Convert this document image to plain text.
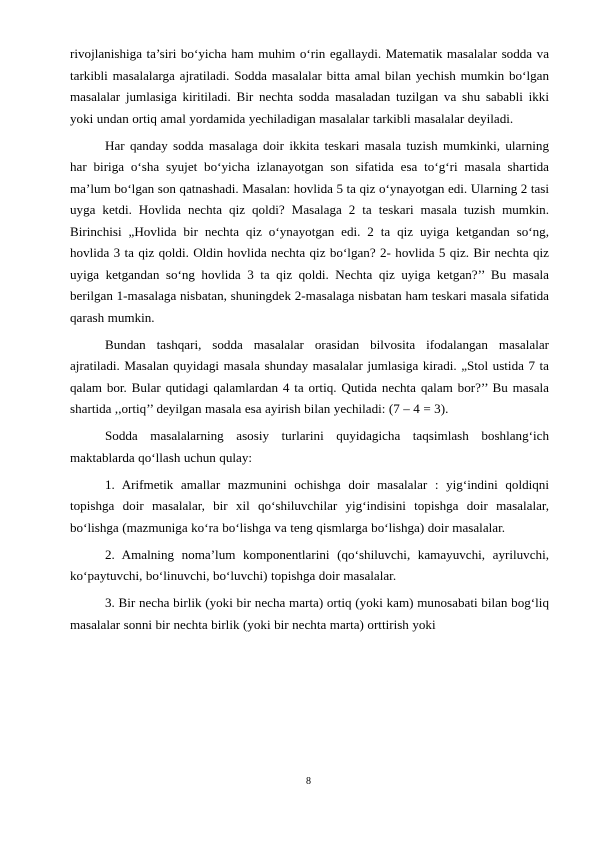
rivojlanishiga ta’siri bo‘yicha ham muhim o‘rin egallaydi. Matematik masalalar sodda va tarkibli masalalarga ajratiladi. Sodda masalalar bitta amal bilan yechish mumkin bo‘lgan masalalar jumlasiga kiritiladi. Bir nechta sodda masaladan tuzilgan va shu sababli ikki yoki undan ortiq amal yordamida yechiladigan masalalar tarkibli masalalar deyiladi.

Har qanday sodda masalaga doir ikkita teskari masala tuzish mumkinki, ularning har biriga o‘sha syujet bo‘yicha izlanayotgan son sifatida esa to‘g‘ri masala shartida ma’lum bo‘lgan son qatnashadi. Masalan: hovlida 5 ta qiz o‘ynayotgan edi. Ularning 2 tasi uyga ketdi. Hovlida nechta qiz qoldi? Masalaga 2 ta teskari masala tuzish mumkin. Birinchisi „Hovlida bir nechta qiz o‘ynayotgan edi. 2 ta qiz uyiga ketgandan so‘ng, hovlida 3 ta qiz qoldi. Oldin hovlida nechta qiz bo‘lgan? 2- hovlida 5 qiz. Bir nechta qiz uyiga ketgandan so‘ng hovlida 3 ta qiz qoldi. Nechta qiz uyiga ketgan?’’ Bu masala berilgan 1-masalaga nisbatan, shuningdek 2-masalaga nisbatan ham teskari masala sifatida qarash mumkin.

Bundan tashqari, sodda masalalar orasidan bilvosita ifodalangan masalalar ajratiladi. Masalan quyidagi masala shunday masalalar jumlasiga kiradi. „Stol ustida 7 ta qalam bor. Bular qutidagi qalamlardan 4 ta ortiq. Qutida nechta qalam bor?’’ Bu masala shartida ,,ortiq’’ deyilgan masala esa ayirish bilan yechiladi: (7 – 4 = 3).

Sodda masalalarning asosiy turlarini quyidagicha taqsimlash boshlang‘ich maktablarda qo‘llash uchun qulay:

1. Arifmetik amallar mazmunini ochishga doir masalalar : yig‘indini qoldiqni topishga doir masalalar, bir xil qo‘shiluvchilar yig‘indisini topishga doir masalalar, bo‘lishga (mazmuniga ko‘ra bo‘lishga va teng qismlarga bo‘lishga) doir masalalar.

2. Amalning noma’lum komponentlarini (qo‘shiluvchi, kamayuvchi, ayriluvchi, ko‘paytuvchi, bo‘linuvchi, bo‘luvchi) topishga doir masalalar.

3. Bir necha birlik (yoki bir necha marta) ortiq (yoki kam) munosabati bilan bog‘liq masalalar sonni bir nechta birlik (yoki bir nechta marta) orttirish yoki

8
